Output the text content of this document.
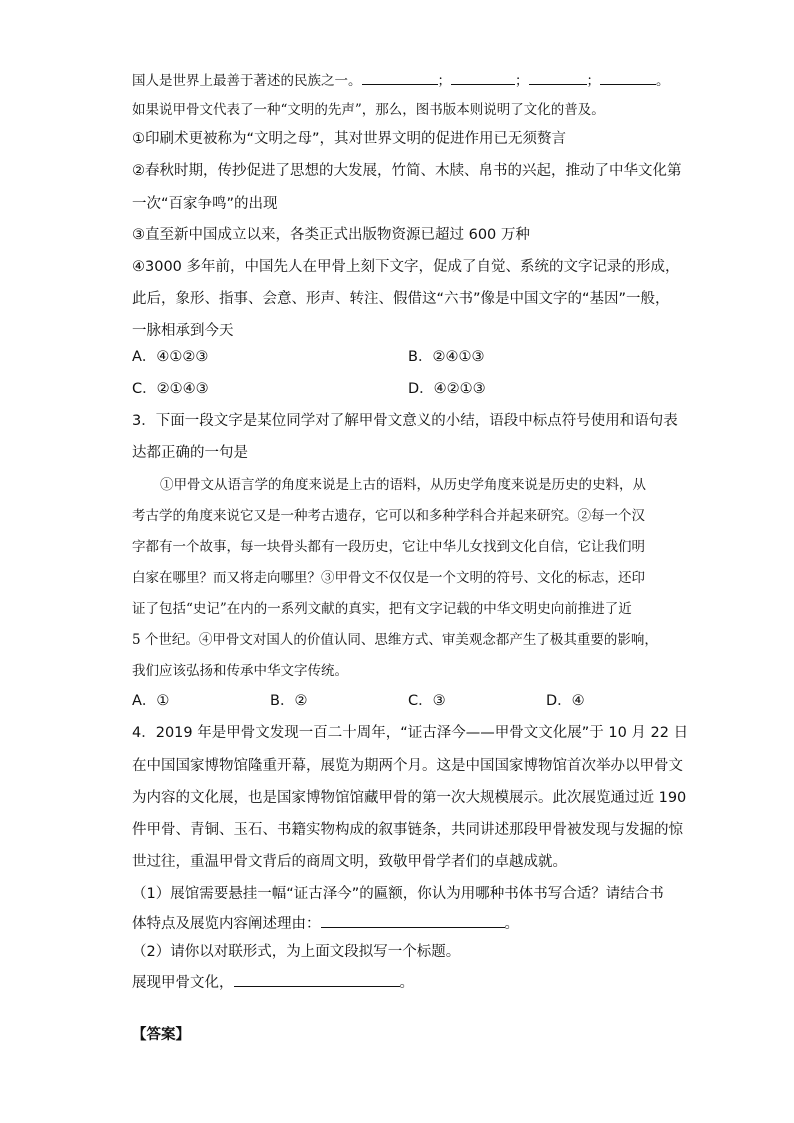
国人是世界上最善于著述的民族之一。	；	；	；	。
如果说甲骨文代表了一种“文明的先声”，那么，图书版本则说明了文化的普及。
①印刷术更被称为“文明之母”，其对世界文明的促进作用已无须赘言
②春秋时期，传抄促进了思想的大发展，竹简、木牍、帛书的兴起，推动了中华文化第
一次“百家争鸣”的出现
③直至新中国成立以来，各类正式出版物资源已超过 600 万种
④3000 多年前，中国先人在甲骨上刻下文字，促成了自觉、系统的文字记录的形成，
此后，象形、指事、会意、形声、转注、假借这“六书”像是中国文字的“基因”一般，
一脉相承到今天
A．④①②③	B．②④①③
C．②①④③	D．④②①③
3．下面一段文字是某位同学对了解甲骨文意义的小结，语段中标点符号使用和语句表
达都正确的一句是
①甲骨文从语言学的角度来说是上古的语料，从历史学角度来说是历史的史料，从
考古学的角度来说它又是一种考古遗存，它可以和多种学科合并起来研究。②每一个汉
字都有一个故事，每一块骨头都有一段历史，它让中华儿女找到文化自信，它让我们明
白家在哪里？而又将走向哪里？③甲骨文不仅仅是一个文明的符号、文化的标志，还印
证了包括“史记”在内的一系列文献的真实，把有文字记载的中华文明史向前推进了近
5 个世纪。④甲骨文对国人的价值认同、思维方式、审美观念都产生了极其重要的影响，
我们应该弘扬和传承中华文字传统。
A．①	B．②	C．③	D．④
4．2019 年是甲骨文发现一百二十周年，“证古泽今——甲骨文文化展”于 10 月 22 日
在中国国家博物馆隆重开幕，展览为期两个月。这是中国国家博物馆首次举办以甲骨文
为内容的文化展，也是国家博物馆馆藏甲骨的第一次大规模展示。此次展览通过近 190
件甲骨、青铜、玉石、书籍实物构成的叙事链条，共同讲述那段甲骨被发现与发掘的惊
世过往，重温甲骨文背后的商周文明，致敬甲骨学者们的卓越成就。
（1）展馆需要悬挂一幅“证古泽今”的匾额，你认为用哪种书体书写合适？请结合书
体特点及展览内容阐述理由：	。
（2）请你以对联形式，为上面文段拟写一个标题。
展现甲骨文化，	。
【答案】
